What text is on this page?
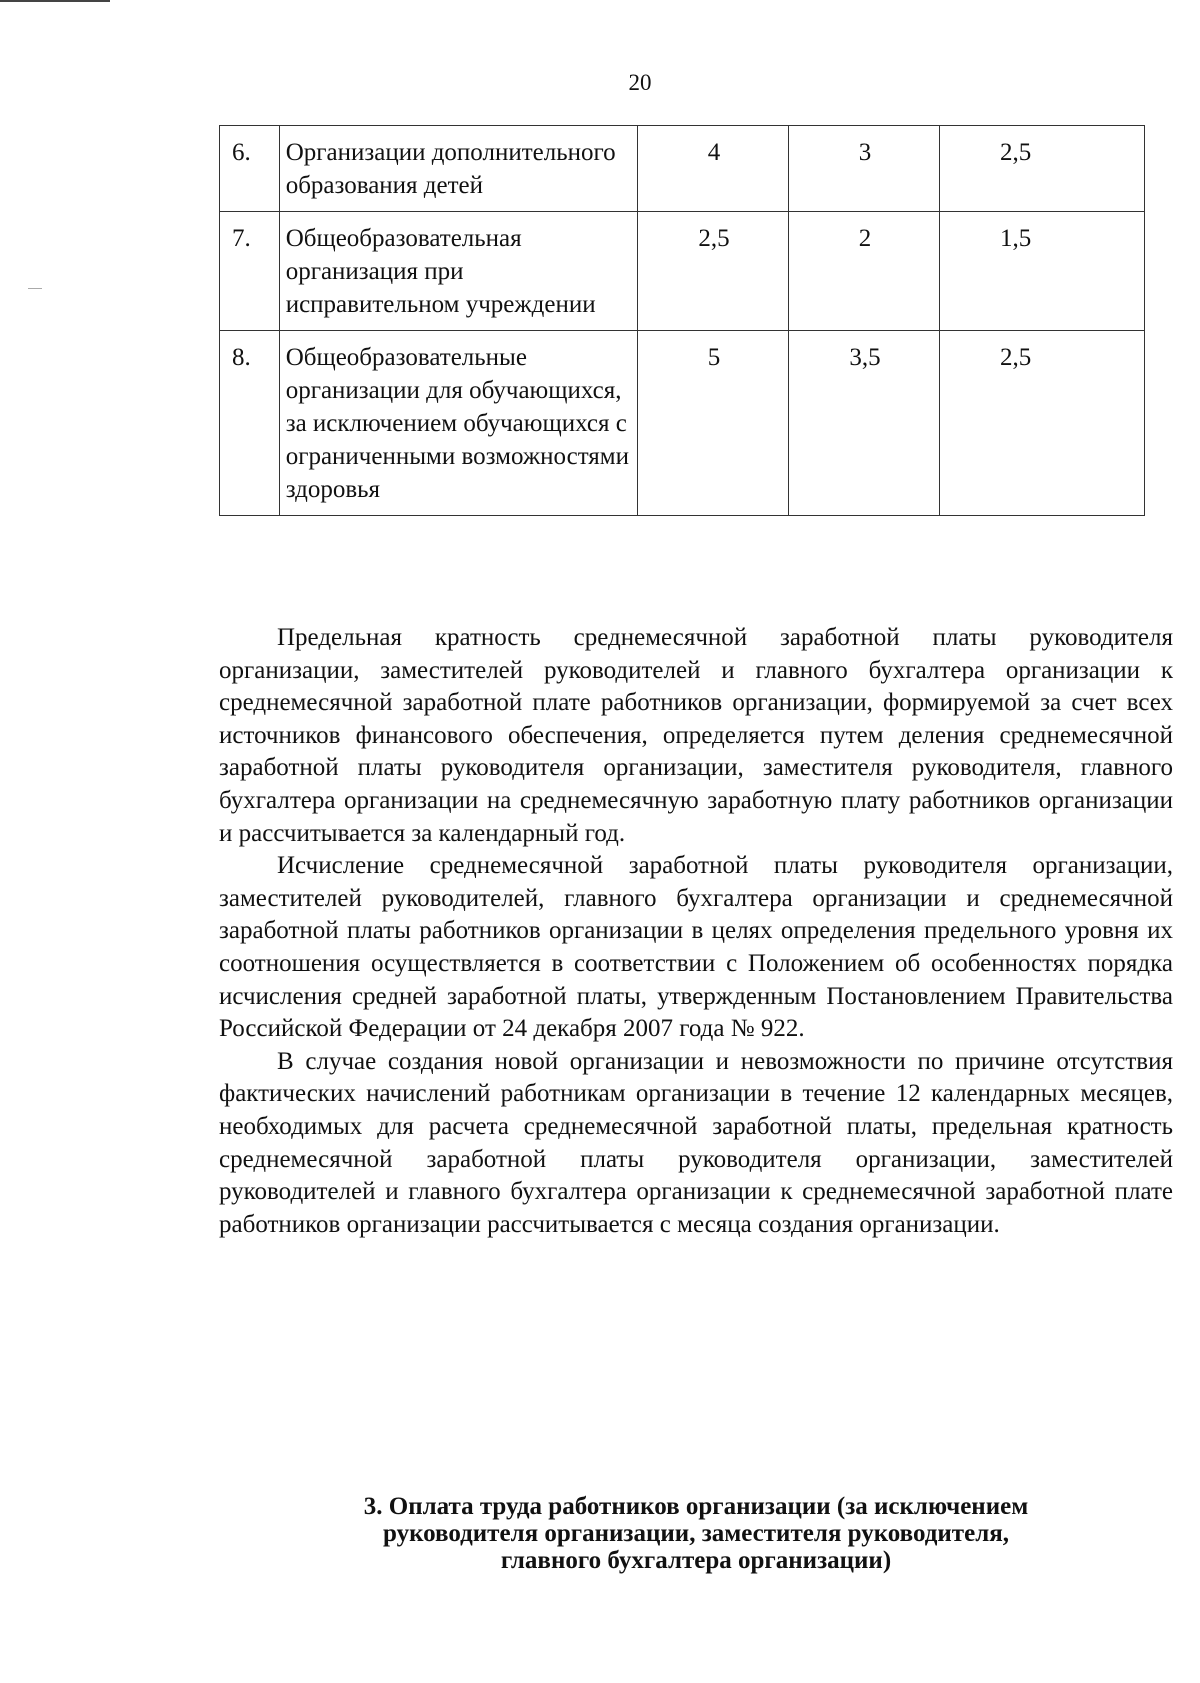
20
6.	Организации дополнительного образования детей	4	3	2,5
7.	Общеобразовательная организация при исправительном учреждении	2,5	2	1,5
8.	Общеобразовательные организации для обучающихся, за исключением обучающихся с ограниченными возможностями здоровья	5	3,5	2,5

Предельная кратность среднемесячной заработной платы руководителя организации, заместителей руководителей и главного бухгалтера организации к среднемесячной заработной плате работников организации, формируемой за счет всех источников финансового обеспечения, определяется путем деления среднемесячной заработной платы руководителя организации, заместителя руководителя, главного бухгалтера организации на среднемесячную заработную плату работников организации и рассчитывается за календарный год.

Исчисление среднемесячной заработной платы руководителя организации, заместителей руководителей, главного бухгалтера организации и среднемесячной заработной платы работников организации в целях определения предельного уровня их соотношения осуществляется в соответствии с Положением об особенностях порядка исчисления средней заработной платы, утвержденным Постановлением Правительства Российской Федерации от 24 декабря 2007 года № 922.

В случае создания новой организации и невозможности по причине отсутствия фактических начислений работникам организации в течение 12 календарных месяцев, необходимых для расчета среднемесячной заработной платы, предельная кратность среднемесячной заработной платы руководителя организации, заместителей руководителей и главного бухгалтера организации к среднемесячной заработной плате работников организации рассчитывается с месяца создания организации.

3. Оплата труда работников организации (за исключением
руководителя организации, заместителя руководителя,
главного бухгалтера организации)
